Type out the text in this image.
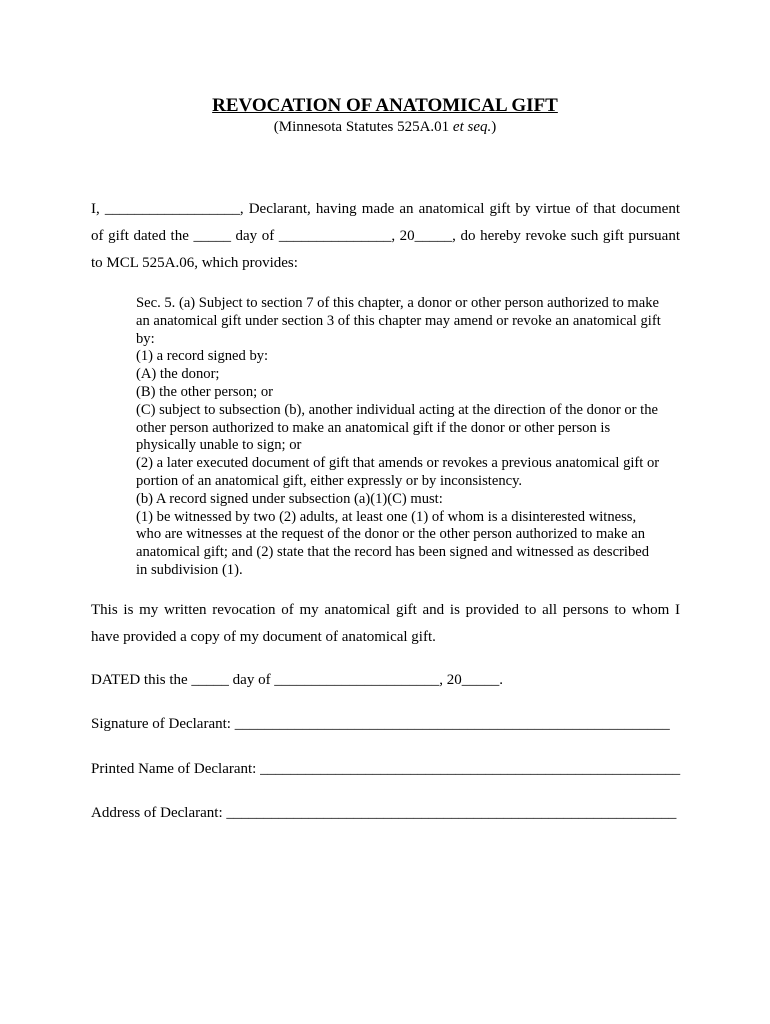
REVOCATION OF ANATOMICAL GIFT
(Minnesota Statutes 525A.01 et seq.)
I, __________________, Declarant, having made an anatomical gift by virtue of that document
of gift dated the _____ day of _______________, 20_____, do hereby revoke such gift pursuant
to MCL 525A.06, which provides:
Sec. 5. (a) Subject to section 7 of this chapter, a donor or other person authorized to make
an anatomical gift under section 3 of this chapter may amend or revoke an anatomical gift
by:
(1) a record signed by:
(A) the donor;
(B) the other person; or
(C) subject to subsection (b), another individual acting at the direction of the donor or the
other person authorized to make an anatomical gift if the donor or other person is
physically unable to sign; or
(2) a later executed document of gift that amends or revokes a previous anatomical gift or
portion of an anatomical gift, either expressly or by inconsistency.
(b) A record signed under subsection (a)(1)(C) must:
(1) be witnessed by two (2) adults, at least one (1) of whom is a disinterested witness,
who are witnesses at the request of the donor or the other person authorized to make an
anatomical gift; and (2) state that the record has been signed and witnessed as described
in subdivision (1).
This is my written revocation of my anatomical gift and is provided to all persons to whom I
have provided a copy of my document of anatomical gift.
DATED this the _____ day of ______________________, 20_____.
Signature of Declarant: __________________________________________________________
Printed Name of Declarant: ________________________________________________________
Address of Declarant: ____________________________________________________________
